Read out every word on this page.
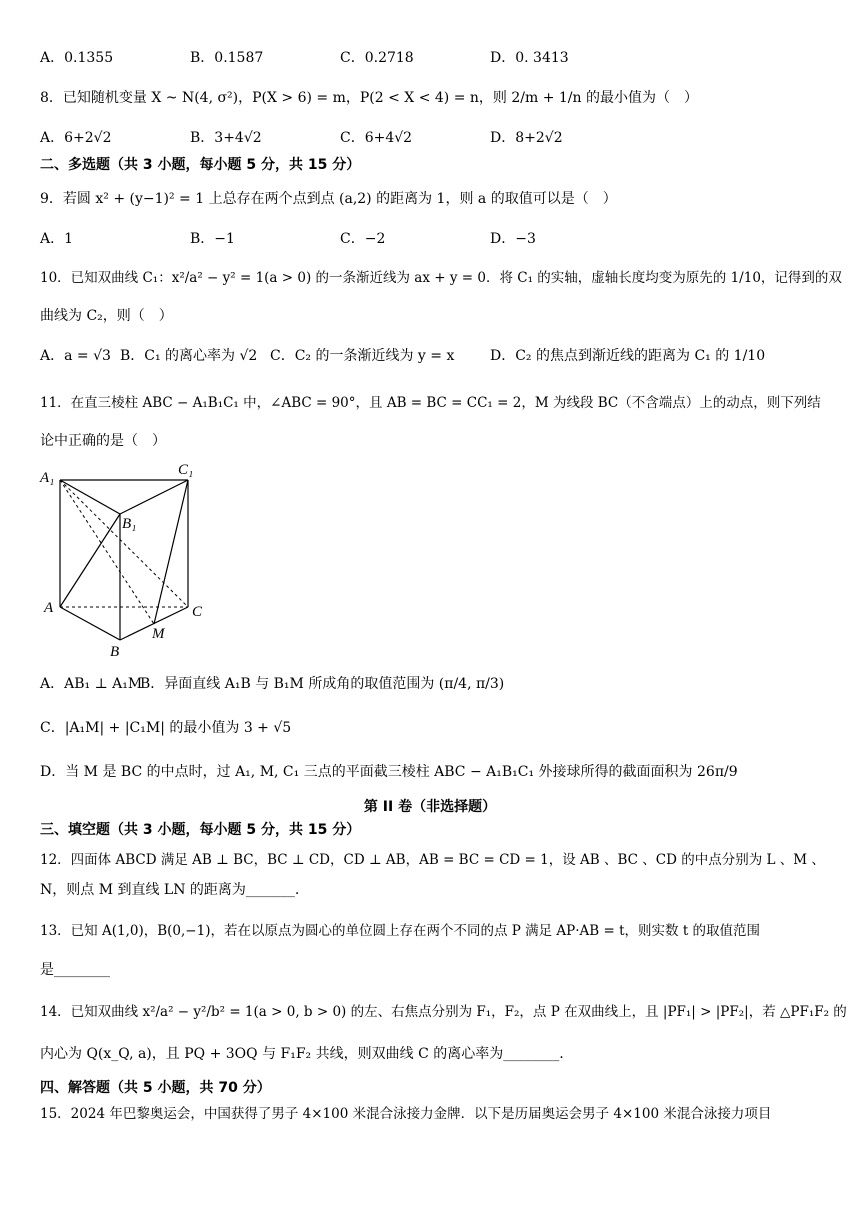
A．0.1355	B．0.1587	C．0.2718	D．0. 3413
8．已知随机变量 X ~ N(4, σ²)，P(X > 6) = m，P(2 < X < 4) = n，则 2/m + 1/n 的最小值为（　）
A．6+2√2	B．3+4√2	C．6+4√2	D．8+2√2
二、多选题（共 3 小题，每小题 5 分，共 15 分）
9．若圆 x² + (y−1)² = 1 上总存在两个点到点 (a,2) 的距离为 1，则 a 的取值可以是（　）
A．1	B．−1	C．−2	D．−3
10．已知双曲线 C₁：x²/a² − y² = 1(a > 0) 的一条渐近线为 ax + y = 0．将 C₁ 的实轴，虚轴长度均变为原先的 1/10，记得到的双
曲线为 C₂，则（　）
A．a = √3 B．C₁ 的离心率为 √2 C．C₂ 的一条渐近线为 y = x	D．C₂ 的焦点到渐近线的距离为 C₁ 的 1/10
11．在直三棱柱 ABC − A₁B₁C₁ 中，∠ABC = 90°，且 AB = BC = CC₁ = 2，M 为线段 BC（不含端点）上的动点，则下列结
论中正确的是（　）
A₁	C₁
B₁
A	C
M
B
A．AB₁ ⊥ A₁M
B．异面直线 A₁B 与 B₁M 所成角的取值范围为 (π/4, π/3)
C．|A₁M| + |C₁M| 的最小值为 3 + √5
D．当 M 是 BC 的中点时，过 A₁, M, C₁ 三点的平面截三棱柱 ABC − A₁B₁C₁ 外接球所得的截面面积为 26π/9
第 II 卷（非选择题）
三、填空题（共 3 小题，每小题 5 分，共 15 分）
12．四面体 ABCD 满足 AB ⊥ BC，BC ⊥ CD，CD ⊥ AB，AB = BC = CD = 1，设 AB 、BC 、CD 的中点分别为 L 、M 、
N，则点 M 到直线 LN 的距离为_______.
13．已知 A(1,0)，B(0,−1)，若在以原点为圆心的单位圆上存在两个不同的点 P 满足 AP·AB = t，则实数 t 的取值范围
是________
14．已知双曲线 x²/a² − y²/b² = 1(a > 0, b > 0) 的左、右焦点分别为 F₁，F₂，点 P 在双曲线上，且 |PF₁| > |PF₂|，若 △PF₁F₂ 的
内心为 Q(x_Q, a)，且 PQ + 3OQ 与 F₁F₂ 共线，则双曲线 C 的离心率为________.
四、解答题（共 5 小题，共 70 分）
15．2024 年巴黎奥运会，中国获得了男子 4×100 米混合泳接力金牌．以下是历届奥运会男子 4×100 米混合泳接力项目
